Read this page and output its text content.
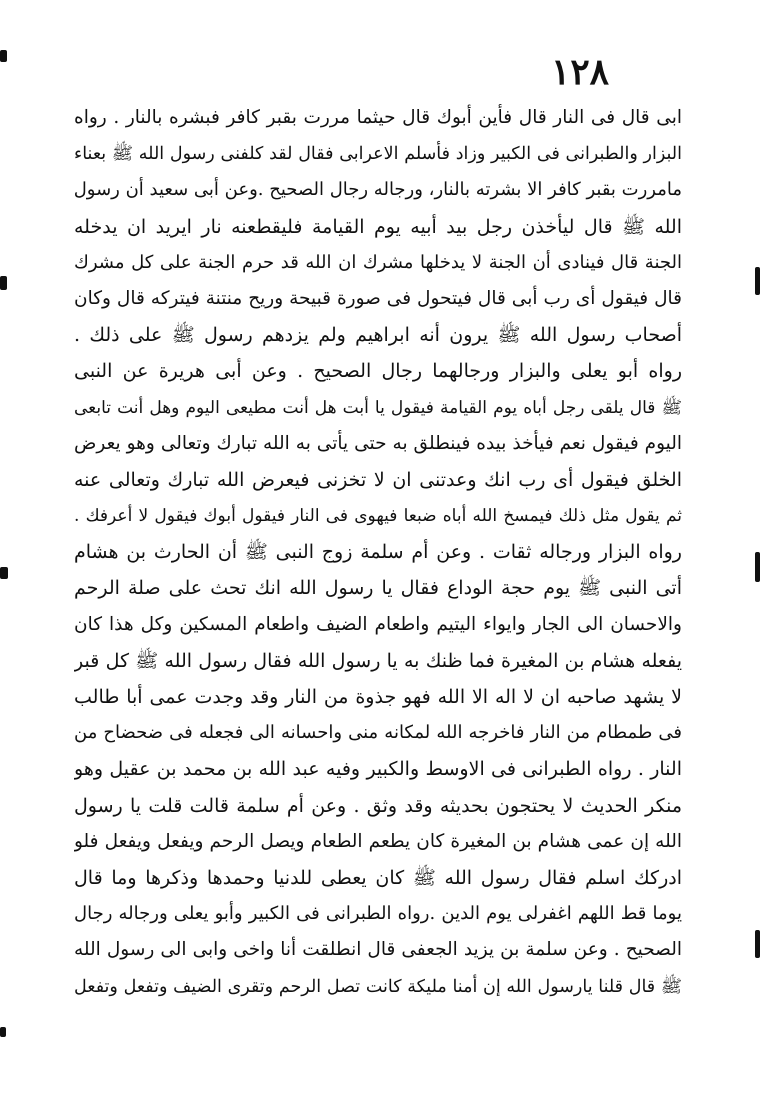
١٢٨
ابى قال فى النار قال فأين أبوك قال حيثما مررت بقبر كافر فبشره بالنار . رواه
البزار والطبرانى فى الكبير وزاد فأسلم الاعرابى فقال لقد كلفنى رسول الله ﷺ بعناء
مامررت بقبر كافر الا بشرته بالنار، ورجاله رجال الصحيح .وعن أبى سعيد أن رسول
الله ﷺ قال ليأخذن رجل بيد أبيه يوم القيامة فليقطعنه نار ايريد ان يدخله
الجنة قال فينادى أن الجنة لا يدخلها مشرك ان الله قد حرم الجنة على كل مشرك
قال فيقول أى رب أبى قال فيتحول فى صورة قبيحة وريح منتنة فيتركه قال وكان
أصحاب رسول الله ﷺ يرون أنه ابراهيم ولم يزدهم رسول ﷺ على ذلك .
رواه أبو يعلى والبزار ورجالهما رجال الصحيح . وعن أبى هريرة عن النبى
ﷺ قال يلقى رجل أباه يوم القيامة فيقول يا أبت هل أنت مطيعى اليوم وهل أنت تابعى
اليوم فيقول نعم فيأخذ بيده فينطلق به حتى يأتى به الله تبارك وتعالى وهو يعرض
الخلق فيقول أى رب انك وعدتنى ان لا تخزنى فيعرض الله تبارك وتعالى عنه
ثم يقول مثل ذلك فيمسخ الله أباه ضبعا فيهوى فى النار فيقول أبوك فيقول لا أعرفك .
رواه البزار ورجاله ثقات . وعن أم سلمة زوج النبى ﷺ أن الحارث بن هشام
أتى النبى ﷺ يوم حجة الوداع فقال يا رسول الله انك تحث على صلة الرحم
والاحسان الى الجار وايواء اليتيم واطعام الضيف واطعام المسكين وكل هذا كان
يفعله هشام بن المغيرة فما ظنك به يا رسول الله فقال رسول الله ﷺ كل قبر
لا يشهد صاحبه ان لا اله الا الله فهو جذوة من النار وقد وجدت عمى أبا طالب
فى طمطام من النار فاخرجه الله لمكانه منى واحسانه الى فجعله فى ضحضاح من
النار . رواه الطبرانى فى الاوسط والكبير وفيه عبد الله بن محمد بن عقيل وهو
منكر الحديث لا يحتجون بحديثه وقد وثق . وعن أم سلمة قالت قلت يا رسول
الله إن عمى هشام بن المغيرة كان يطعم الطعام ويصل الرحم ويفعل ويفعل فلو
ادركك اسلم فقال رسول الله ﷺ كان يعطى للدنيا وحمدها وذكرها وما قال
يوما قط اللهم اغفرلى يوم الدين .رواه الطبرانى فى الكبير وأبو يعلى ورجاله رجال
الصحيح . وعن سلمة بن يزيد الجعفى قال انطلقت أنا واخى وابى الى رسول الله
ﷺ قال قلنا يارسول الله إن أمنا مليكة كانت تصل الرحم وتقرى الضيف وتفعل وتفعل
